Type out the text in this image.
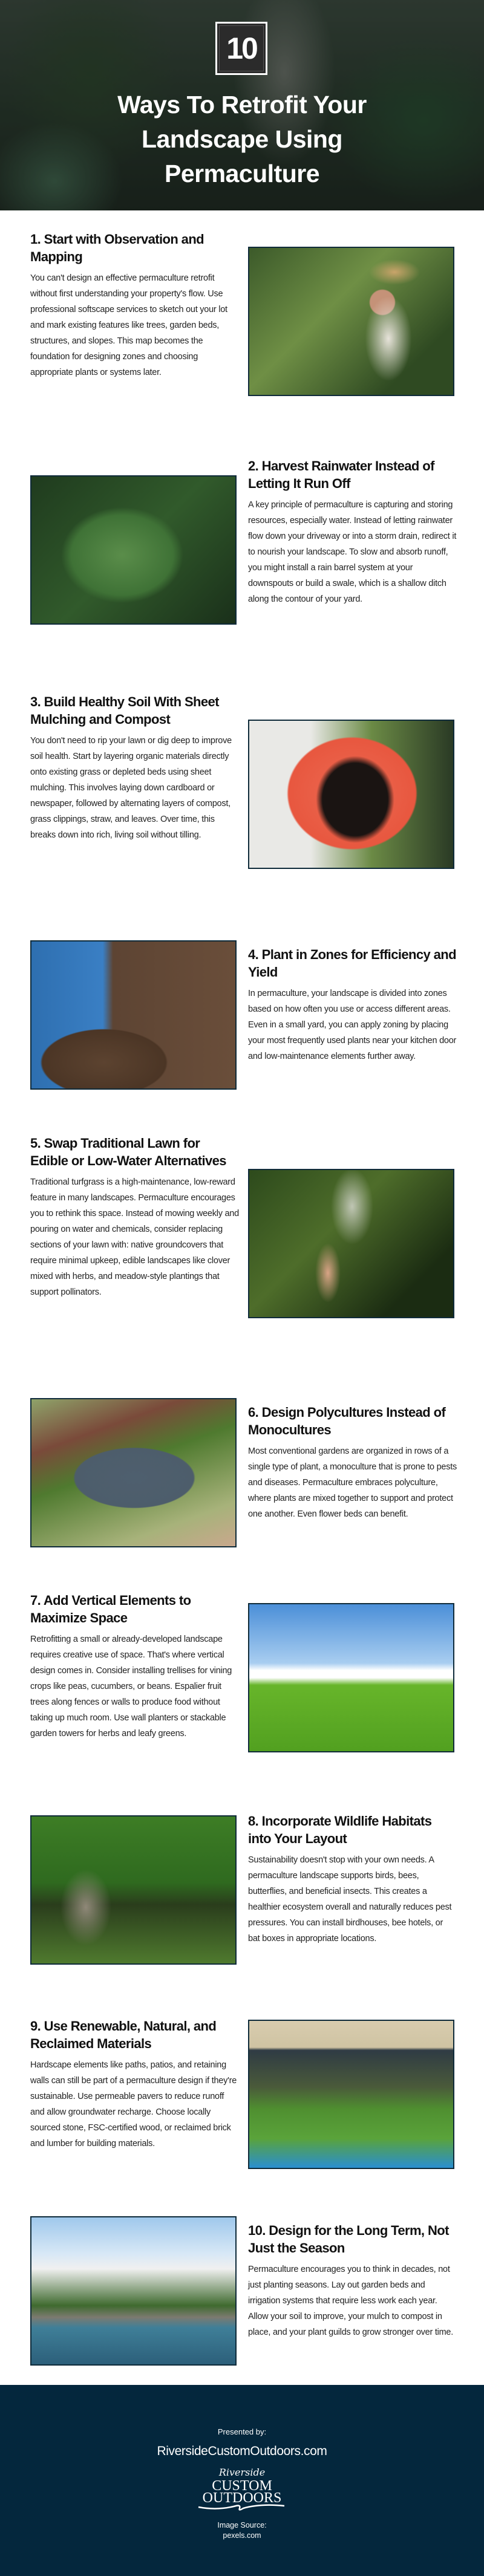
10
Ways To Retrofit Your
Landscape Using
Permaculture
1. Start with Observation and Mapping

You can't design an effective permaculture retrofit without first understanding your property's flow. Use professional softscape services to sketch out your lot and mark existing features like trees, garden beds, structures, and slopes. This map becomes the foundation for designing zones and choosing appropriate plants or systems later.

2. Harvest Rainwater Instead of Letting It Run Off

A key principle of permaculture is capturing and storing resources, especially water. Instead of letting rainwater flow down your driveway or into a storm drain, redirect it to nourish your landscape. To slow and absorb runoff, you might install a rain barrel system at your downspouts or build a swale, which is a shallow ditch along the contour of your yard.

3. Build Healthy Soil With Sheet Mulching and Compost

You don't need to rip your lawn or dig deep to improve soil health. Start by layering organic materials directly onto existing grass or depleted beds using sheet mulching. This involves laying down cardboard or newspaper, followed by alternating layers of compost, grass clippings, straw, and leaves. Over time, this breaks down into rich, living soil without tilling.

4. Plant in Zones for Efficiency and Yield

In permaculture, your landscape is divided into zones based on how often you use or access different areas. Even in a small yard, you can apply zoning by placing your most frequently used plants near your kitchen door and low-maintenance elements further away.

5. Swap Traditional Lawn for Edible or Low-Water Alternatives

Traditional turfgrass is a high-maintenance, low-reward feature in many landscapes. Permaculture encourages you to rethink this space. Instead of mowing weekly and pouring on water and chemicals, consider replacing sections of your lawn with: native groundcovers that require minimal upkeep, edible landscapes like clover mixed with herbs, and meadow-style plantings that support pollinators.

6. Design Polycultures Instead of Monocultures

Most conventional gardens are organized in rows of a single type of plant, a monoculture that is prone to pests and diseases. Permaculture embraces polyculture, where plants are mixed together to support and protect one another. Even flower beds can benefit.

7. Add Vertical Elements to Maximize Space

Retrofitting a small or already-developed landscape requires creative use of space. That's where vertical design comes in. Consider installing trellises for vining crops like peas, cucumbers, or beans. Espalier fruit trees along fences or walls to produce food without taking up much room. Use wall planters or stackable garden towers for herbs and leafy greens.

8. Incorporate Wildlife Habitats into Your Layout

Sustainability doesn't stop with your own needs. A permaculture landscape supports birds, bees, butterflies, and beneficial insects. This creates a healthier ecosystem overall and naturally reduces pest pressures. You can install birdhouses, bee hotels, or bat boxes in appropriate locations.

9. Use Renewable, Natural, and Reclaimed Materials

Hardscape elements like paths, patios, and retaining walls can still be part of a permaculture design if they're sustainable. Use permeable pavers to reduce runoff and allow groundwater recharge. Choose locally sourced stone, FSC-certified wood, or reclaimed brick and lumber for building materials.

10. Design for the Long Term, Not Just the Season

Permaculture encourages you to think in decades, not just planting seasons. Lay out garden beds and irrigation systems that require less work each year. Allow your soil to improve, your mulch to compost in place, and your plant guilds to grow stronger over time.

Presented by:
RiversideCustomOutdoors.com
Riverside
CUSTOM
OUTDOORS
Image Source:
pexels.com
